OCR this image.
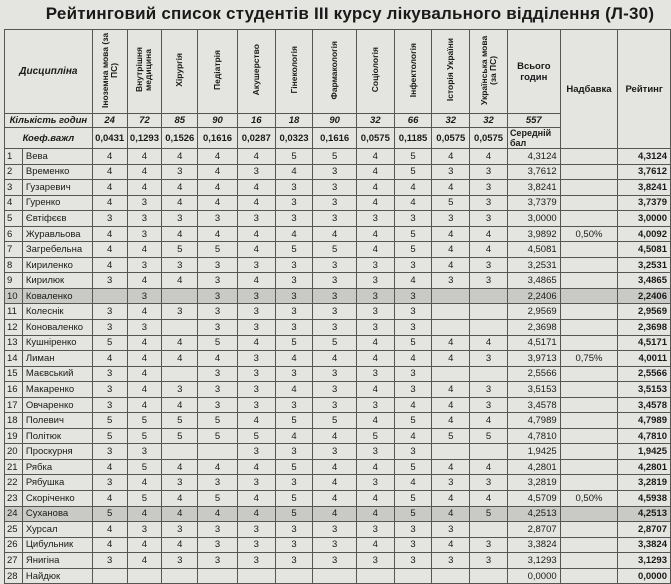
Рейтинговий список студентів ІІІ курсу лікувального відділення (Л-30)
Дисципліна		Іноземна мова (за ПС)	Внутрішня медицина	Хірургія	Педіатрія	Акушерство	Гінекологія	Фармакологія	Соціологія	Інфектологія	Історія України	Українська мова (за ПС)	Всього годин	Надбавка	Рейтинг
Кількість годин		24	72	85	90	16	18	90	32	66	32	32	557		
Коеф.важл		0,0431	0,1293	0,1526	0,1616	0,0287	0,0323	0,1616	0,0575	0,1185	0,0575	0,0575	Середній бал		
1	Вева	4	4	4	4	4	5	5	4	5	4	4	4,3124		4,3124
2	Временко	4	4	3	4	3	4	3	4	5	3	3	3,7612		3,7612
3	Гузаревич	4	4	4	4	4	3	3	4	4	4	3	3,8241		3,8241
4	Гуренко	4	3	4	4	4	3	3	4	4	5	3	3,7379		3,7379
5	Євтіфєєв	3	3	3	3	3	3	3	3	3	3	3	3,0000		3,0000
6	Журавльова	4	3	4	4	4	4	4	4	5	4	4	3,9892	0,50%	4,0092
7	Загребельна	4	4	5	5	4	5	5	4	5	4	4	4,5081		4,5081
8	Кириленко	4	3	3	3	3	3	3	3	3	4	3	3,2531		3,2531
9	Кирилюк	3	4	4	3	4	3	3	3	4	3	3	3,4865		3,4865
10	Коваленко		3		3	3	3	3	3	3			2,2406		2,2406
11	Колеснік	3	4	3	3	3	3	3	3	3			2,9569		2,9569
12	Коноваленко	3	3		3	3	3	3	3	3			2,3698		2,3698
13	Кушніренко	5	4	4	5	4	5	5	4	5	4	4	4,5171		4,5171
14	Лиман	4	4	4	4	3	4	4	4	4	4	3	3,9713	0,75%	4,0011
15	Маєвський	3	4		3	3	3	3	3	3			2,5566		2,5566
16	Макаренко	3	4	3	3	3	4	3	4	3	4	3	3,5153		3,5153
17	Овчаренко	3	4	4	3	3	3	3	3	4	4	3	3,4578		3,4578
18	Полевич	5	5	5	5	4	5	5	4	5	4	4	4,7989		4,7989
19	Політюк	5	5	5	5	5	4	4	5	4	5	5	4,7810		4,7810
20	Проскурня	3	3			3	3	3	3	3			1,9425		1,9425
21	Рябка	4	5	4	4	4	5	4	4	5	4	4	4,2801		4,2801
22	Рябушка	3	4	3	3	3	3	4	3	4	3	3	3,2819		3,2819
23	Скоріченко	4	5	4	5	4	5	4	4	5	4	4	4,5709	0,50%	4,5938
24	Суханова	5	4	4	4	4	5	4	4	5	4	5	4,2513		4,2513
25	Хурсал	4	3	3	3	3	3	3	3	3	3		2,8707		2,8707
26	Цибульник	4	4	4	3	3	3	3	4	3	4	3	3,3824		3,3824
27	Янигіна	3	4	3	3	3	3	3	3	3	3	3	3,1293		3,1293
28	Найдюк												0,0000		0,0000
